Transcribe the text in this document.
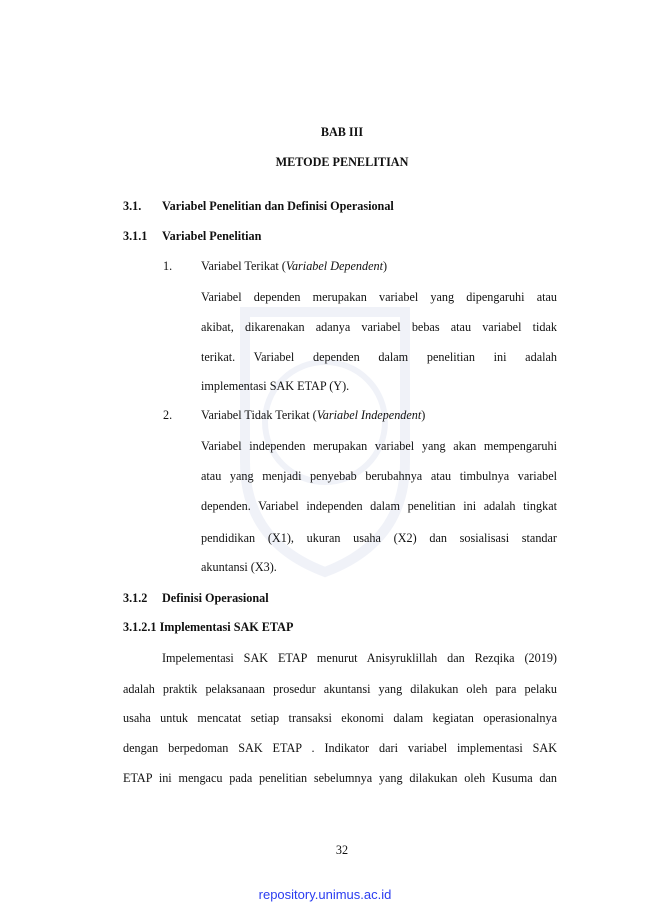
BAB III
METODE PENELITIAN
3.1. Variabel Penelitian dan Definisi Operasional
3.1.1 Variabel Penelitian
1. Variabel Terikat (Variabel Dependent)
Variabel dependen merupakan variabel yang dipengaruhi atau
akibat, dikarenakan adanya variabel bebas atau variabel tidak
terikat. Variabel dependen dalam penelitian ini adalah
implementasi SAK ETAP (Y).
2. Variabel Tidak Terikat (Variabel Independent)
Variabel independen merupakan variabel yang akan mempengaruhi
atau yang menjadi penyebab berubahnya atau timbulnya variabel
dependen. Variabel independen dalam penelitian ini adalah tingkat
pendidikan (X1), ukuran usaha (X2) dan sosialisasi standar
akuntansi (X3).
3.1.2 Definisi Operasional
3.1.2.1 Implementasi SAK ETAP
Impelementasi SAK ETAP menurut Anisyruklillah dan Rezqika (2019)
adalah praktik pelaksanaan prosedur akuntansi yang dilakukan oleh para pelaku
usaha untuk mencatat setiap transaksi ekonomi dalam kegiatan operasionalnya
dengan berpedoman SAK ETAP . Indikator dari variabel implementasi SAK
ETAP ini mengacu pada penelitian sebelumnya yang dilakukan oleh Kusuma dan
32
repository.unimus.ac.id
